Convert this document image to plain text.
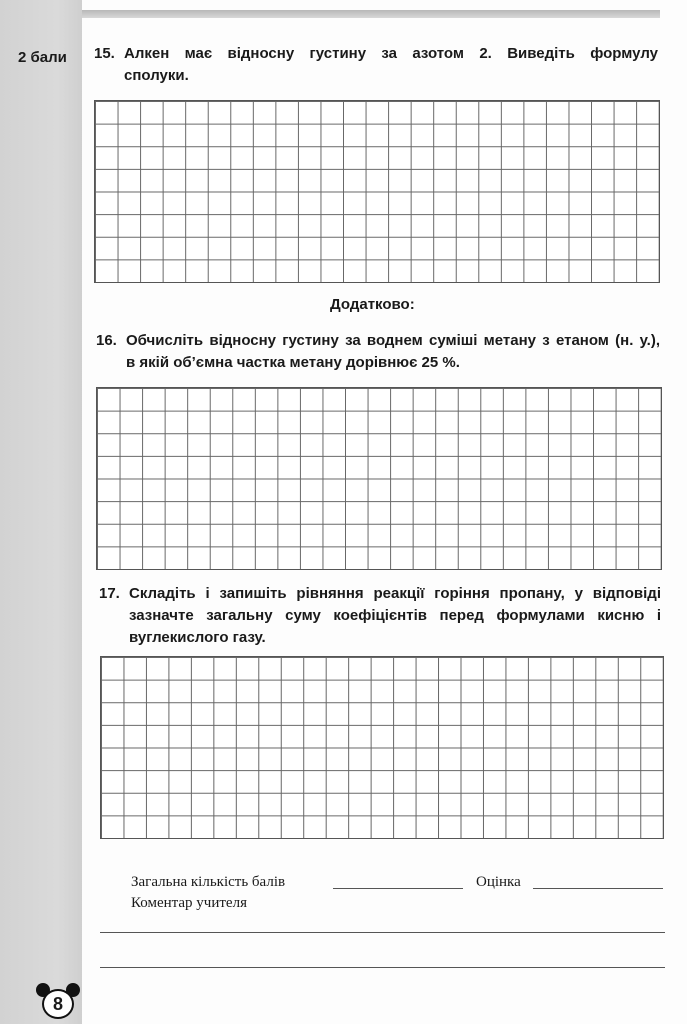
2 бали 15. Алкен має відносну густину за азотом 2. Виведіть формулу
сполуки.
Додатково:
16. Обчисліть відносну густину за воднем суміші метану з етаном (н. у.),
в якій об’ємна частка метану дорівнює 25 %.
17. Складіть і запишіть рівняння реакції горіння пропану, у відповіді
зазначте загальну суму коефіцієнтів перед формулами кисню і
вуглекислого газу.
Загальна кількість балів	Оцінка
Коментар учителя
8
